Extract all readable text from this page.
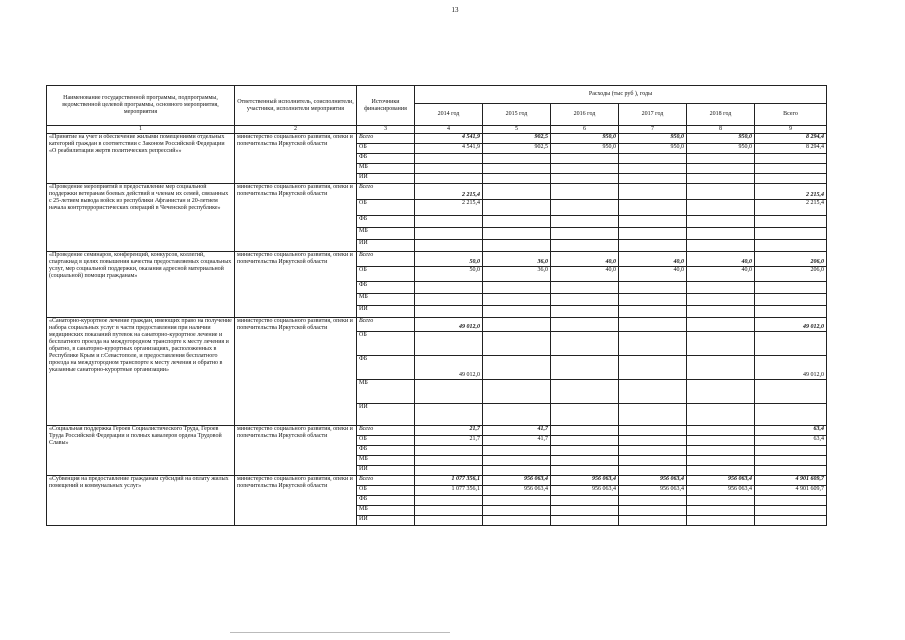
13
Наименование государственной программы, подпрограммы, ведомственной целевой программы, основного мероприятия, мероприятия	Ответственный исполнитель, соисполнители, участники, исполнители мероприятия	Источники финансирования	Расходы (тыс руб ), годы					
			2014 год	2015 год	2016 год	2017 год	2018 год	Всего
1	2	3	4	5	6	7	8	9
«Принятие на учет и обеспечение жилыми помещениями отдельных категорий граждан в соответствии с Законом Российской Федерации «О реабилитации жертв политических репрессий»»	министерство социального развития, опеки и попечительства Иркутской области	Всего	4 541,9	902,5	950,0	950,0	950,0	8 294,4
		ОБ	4 541,9	902,5	950,0	950,0	950,0	8 294,4
		ФБ						
		МБ						
		ИИ						
«Проведение мероприятий в предоставление мер социальной поддержки ветеранам боевых действий и членам их семей, связанных с 25-летием вывода войск из республики Афганистан и 20-летием начала контртеррористических операций в Чеченской республике»	министерство социального развития, опеки и попечительства Иркутской области	Всего	2 215,4					2 215,4
		ОБ	2 215,4					2 215,4
		ФБ						
		МБ						
		ИИ						
«Проведение семинаров, конференций, конкурсов, коллегий, спартакиад в целях повышения качества предоставляемых социальных услуг, мер социальной поддержки, оказания адресной материальной (социальной) помощи гражданам»	министерство социального развития, опеки и попечительства Иркутской области	Всего	50,0	36,0	40,0	40,0	40,0	206,0
		ОБ	50,0	36,0	40,0	40,0	40,0	206,0
		ФБ						
		МБ						
		ИИ						
«Санаторно-курортное лечение граждан, имеющих право на получение набора социальных услуг в части предоставления при наличии медицинских показаний путевок на санаторно-курортное лечение и бесплатного проезда на междугородном транспорте к месту лечения и обратно, в санаторно-курортных организациях, расположенных в Республике Крым и г.Севастополе, и предоставления бесплатного проезда на междугородном транспорте к месту лечения и обратно в указанные санаторно-курортные организации»	министерство социального развития, опеки и попечительства Иркутской области	Всего	49 012,0					49 012,0
		ОБ						
		ФБ	49 012,0					49 012,0
		МБ						
		ИИ						
«Социальная поддержка Героев Социалистического Труда, Героев Труда Российской Федерации и полных кавалеров ордена Трудовой Славы»	министерство социального развития, опеки и попечительства Иркутской области	Всего	21,7	41,7				63,4
		ОБ	21,7	41,7				63,4
		ФБ						
		МБ						
		ИИ						
«Субвенция на предоставление гражданам субсидий на оплату жилых помещений и коммунальных услуг»	министерство социального развития, опеки и попечительства Иркутской области	Всего	1 077 356,1	956 063,4	956 063,4	956 063,4	956 063,4	4 901 609,7
		ОБ	1 077 356,1	956 063,4	956 063,4	956 063,4	956 063,4	4 901 609,7
		ФБ						
		МБ						
		ИИ						
